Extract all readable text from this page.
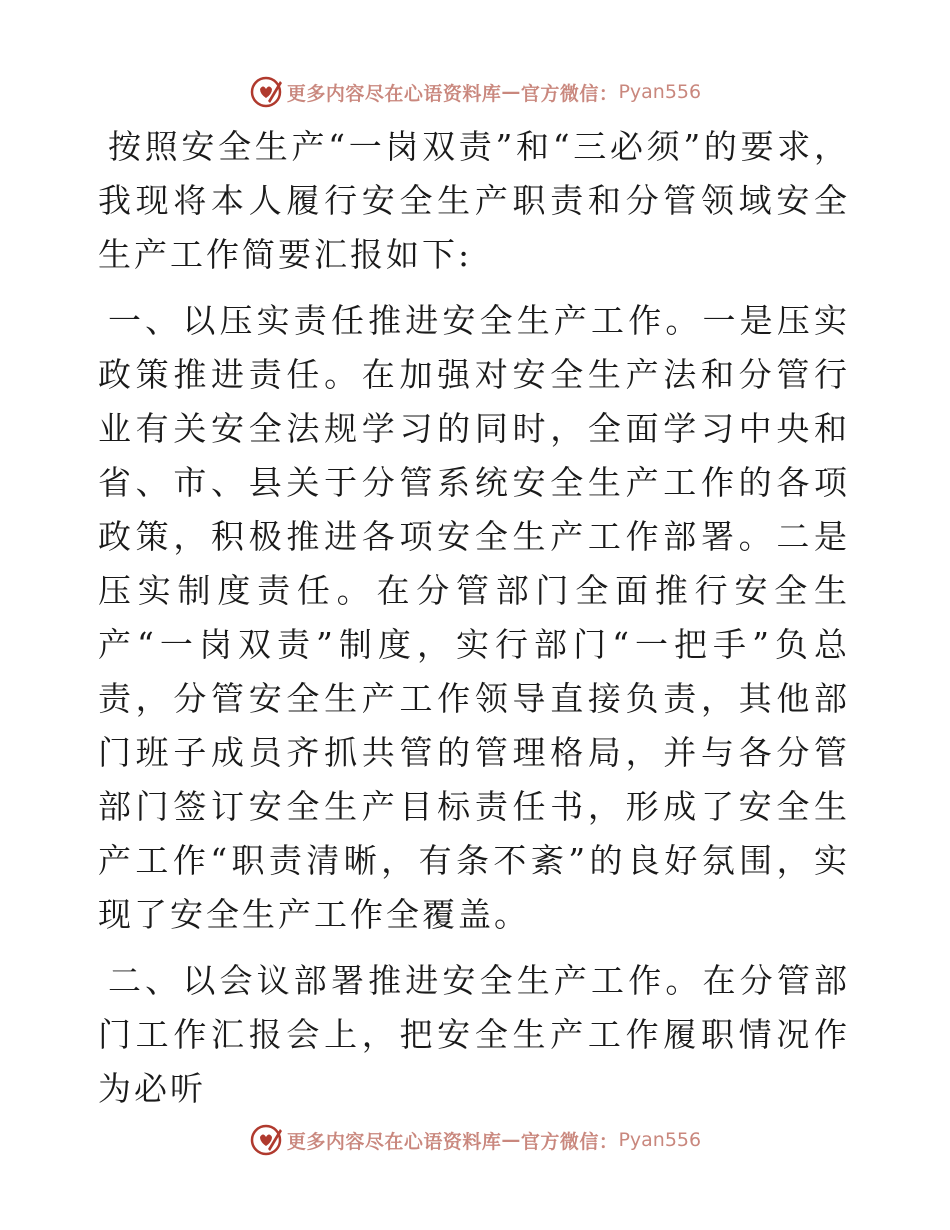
更多内容尽在心语资料库 — 官方微信： Pyan556

按照安全生产“一岗双责”和“三必须”的要求，我现将本人履行安全生产职责和分管领域安全生产工作简要汇报如下:

一、以压实责任推进安全生产工作。一是压实政策推进责任。在加强对安全生产法和分管行业有关安全法规学习的同时，全面学习中央和省、市、县关于分管系统安全生产工作的各项政策，积极推进各项安全生产工作部署。二是压实制度责任。在分管部门全面推行安全生产“一岗双责”制度，实行部门“一把手”负总责，分管安全生产工作领导直接负责，其他部门班子成员齐抓共管的管理格局，并与各分管部门签订安全生产目标责任书，形成了安全生产工作“职责清晰，有条不紊”的良好氛围，实现了安全生产工作全覆盖。

二、以会议部署推进安全生产工作。在分管部门工作汇报会上，把安全生产工作履职情况作为必听

更多内容尽在心语资料库 — 官方微信： Pyan556
